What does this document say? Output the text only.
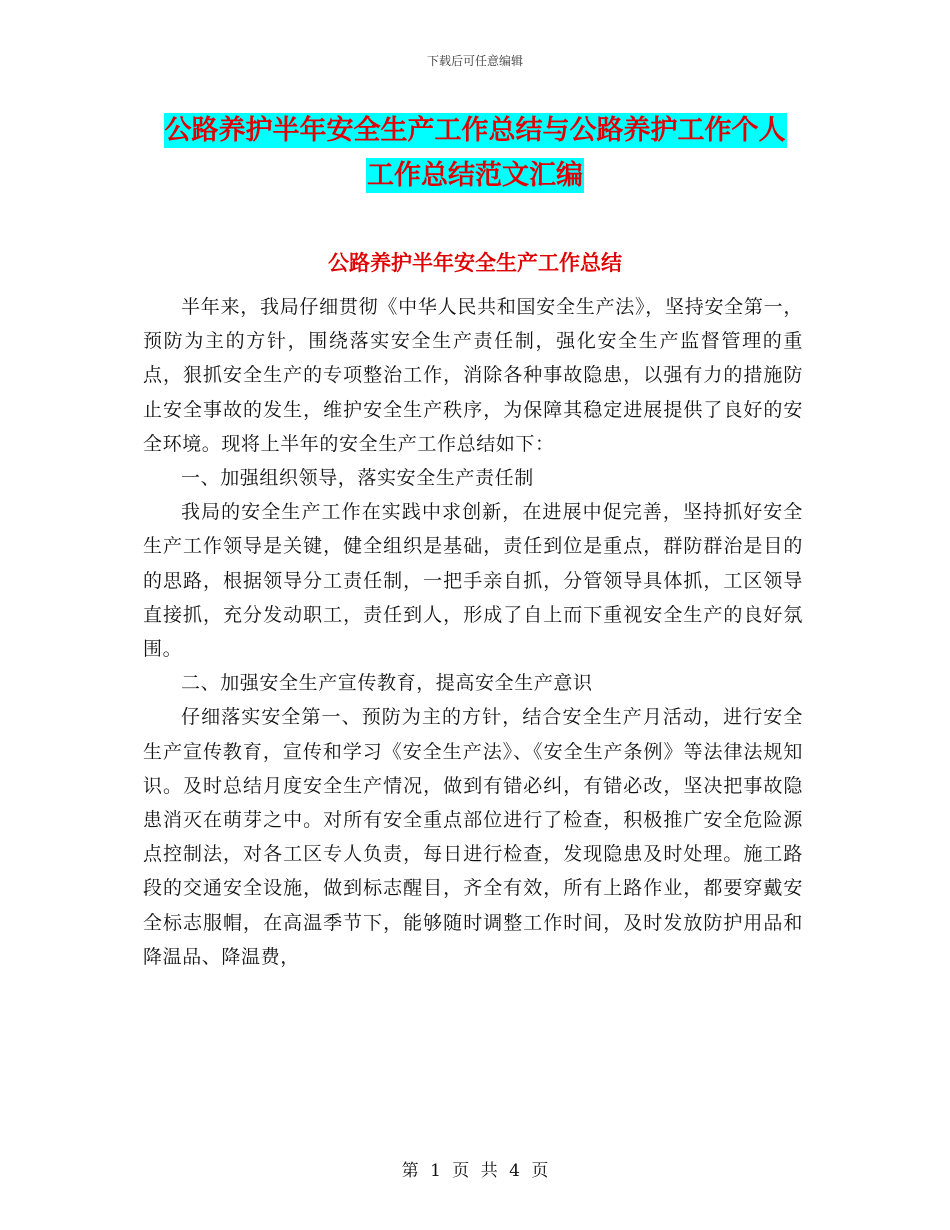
下载后可任意编辑
公路养护半年安全生产工作总结与公路养护工作个人
工作总结范文汇编
公路养护半年安全生产工作总结

半年来，我局仔细贯彻《中华人民共和国安全生产法》，坚持安全第一，预防为主的方针，围绕落实安全生产责任制，强化安全生产监督管理的重点，狠抓安全生产的专项整治工作，消除各种事故隐患，以强有力的措施防止安全事故的发生，维护安全生产秩序，为保障其稳定进展提供了良好的安全环境。现将上半年的安全生产工作总结如下：

一、加强组织领导，落实安全生产责任制

我局的安全生产工作在实践中求创新，在进展中促完善，坚持抓好安全生产工作领导是关键，健全组织是基础，责任到位是重点，群防群治是目的的思路，根据领导分工责任制，一把手亲自抓，分管领导具体抓，工区领导直接抓，充分发动职工，责任到人，形成了自上而下重视安全生产的良好氛围。

二、加强安全生产宣传教育，提高安全生产意识

仔细落实安全第一、预防为主的方针，结合安全生产月活动，进行安全生产宣传教育，宣传和学习《安全生产法》、《安全生产条例》等法律法规知识。及时总结月度安全生产情况，做到有错必纠，有错必改，坚决把事故隐患消灭在萌芽之中。对所有安全重点部位进行了检查，积极推广安全危险源点控制法，对各工区专人负责，每日进行检查，发现隐患及时处理。施工路段的交通安全设施，做到标志醒目，齐全有效，所有上路作业，都要穿戴安全标志服帽，在高温季节下，能够随时调整工作时间，及时发放防护用品和降温品、降温费，

第 1 页 共 4 页
